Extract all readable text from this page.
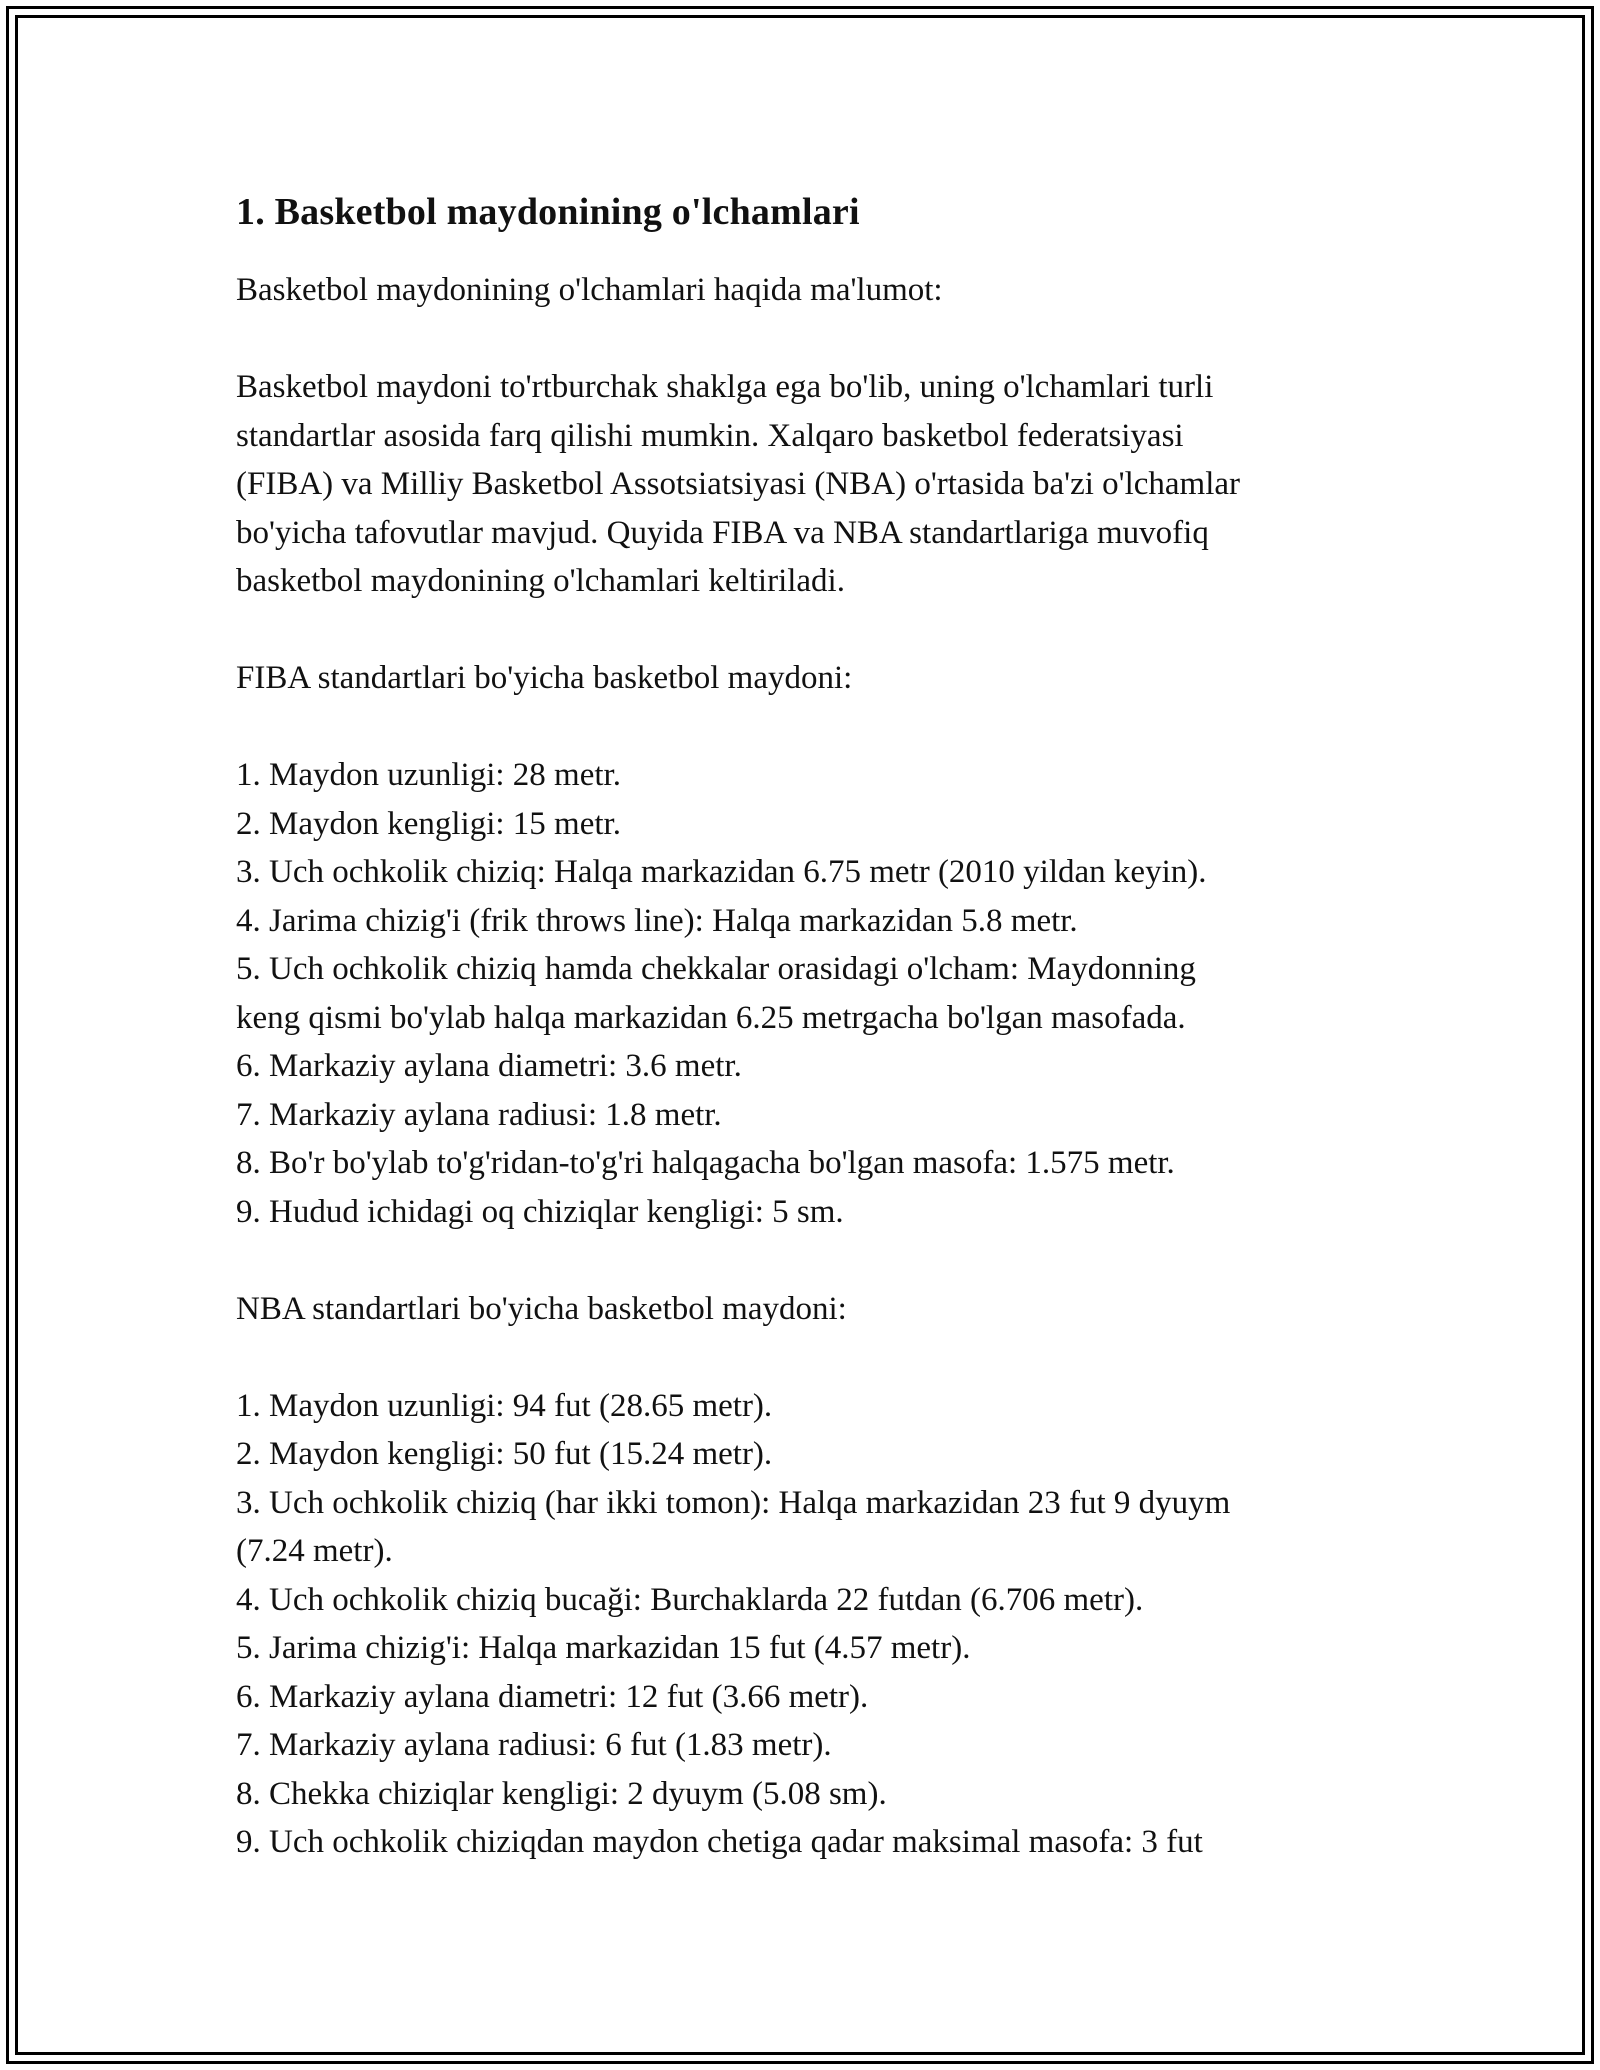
1. Basketbol maydonining o'lchamlari

Basketbol maydonining o'lchamlari haqida ma'lumot:

Basketbol maydoni to'rtburchak shaklga ega bo'lib, uning o'lchamlari turli
standartlar asosida farq qilishi mumkin. Xalqaro basketbol federatsiyasi
(FIBA) va Milliy Basketbol Assotsiatsiyasi (NBA) o'rtasida ba'zi o'lchamlar
bo'yicha tafovutlar mavjud. Quyida FIBA va NBA standartlariga muvofiq
basketbol maydonining o'lchamlari keltiriladi.

FIBA standartlari bo'yicha basketbol maydoni:

1. Maydon uzunligi: 28 metr.
2. Maydon kengligi: 15 metr.
3. Uch ochkolik chiziq: Halqa markazidan 6.75 metr (2010 yildan keyin).
4. Jarima chizig'i (frik throws line): Halqa markazidan 5.8 metr.
5. Uch ochkolik chiziq hamda chekkalar orasidagi o'lcham: Maydonning
keng qismi bo'ylab halqa markazidan 6.25 metrgacha bo'lgan masofada.
6. Markaziy aylana diametri: 3.6 metr.
7. Markaziy aylana radiusi: 1.8 metr.
8. Bo'r bo'ylab to'g'ridan-to'g'ri halqagacha bo'lgan masofa: 1.575 metr.
9. Hudud ichidagi oq chiziqlar kengligi: 5 sm.

NBA standartlari bo'yicha basketbol maydoni:

1. Maydon uzunligi: 94 fut (28.65 metr).
2. Maydon kengligi: 50 fut (15.24 metr).
3. Uch ochkolik chiziq (har ikki tomon): Halqa markazidan 23 fut 9 dyuym
(7.24 metr).
4. Uch ochkolik chiziq bucaği: Burchaklarda 22 futdan (6.706 metr).
5. Jarima chizig'i: Halqa markazidan 15 fut (4.57 metr).
6. Markaziy aylana diametri: 12 fut (3.66 metr).
7. Markaziy aylana radiusi: 6 fut (1.83 metr).
8. Chekka chiziqlar kengligi: 2 dyuym (5.08 sm).
9. Uch ochkolik chiziqdan maydon chetiga qadar maksimal masofa: 3 fut
